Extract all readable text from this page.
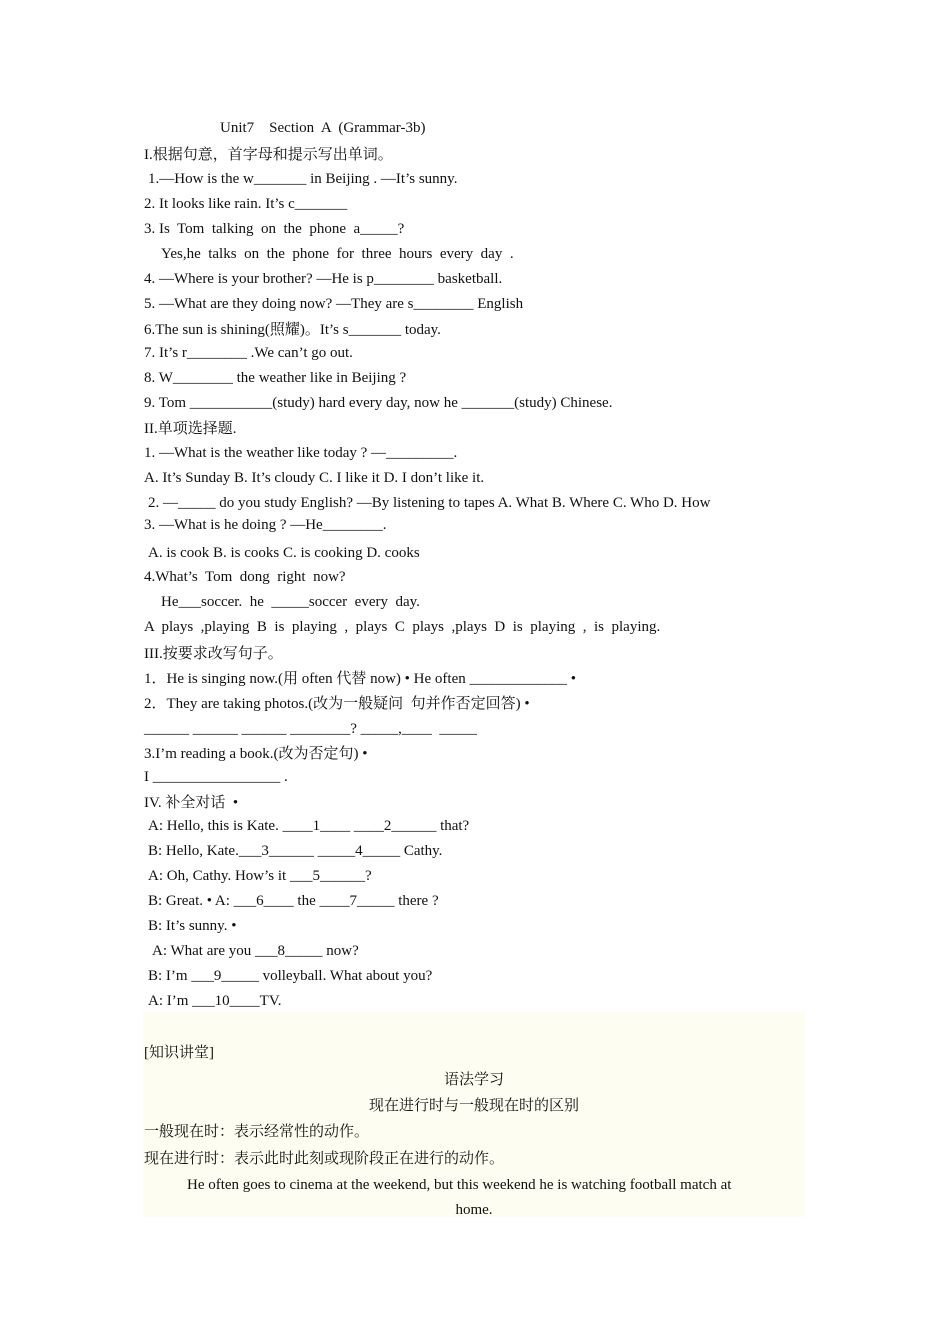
Unit7    Section  A  (Grammar-3b)
I.根据句意，首字母和提示写出单词。
1.—How is the w_______ in Beijing . —It’s sunny.
2. It looks like rain. It’s c_______
3. Is  Tom  talking  on  the  phone  a_____?
Yes,he  talks  on  the  phone  for  three  hours  every  day  .
4. —Where is your brother? —He is p________ basketball.
5. —What are they doing now? —They are s________ English
6.The sun is shining(照耀)。It’s s_______ today.
7. It’s r________ .We can’t go out.
8. W________ the weather like in Beijing ?
9. Tom ___________(study) hard every day, now he _______(study) Chinese.
II.单项选择题.
1. —What is the weather like today ? —_________.
A. It’s Sunday B. It’s cloudy C. I like it D. I don’t like it.
2. —_____ do you study English? —By listening to tapes A. What B. Where C. Who D. How
3. —What is he doing ? —He________.
A. is cook B. is cooks C. is cooking D. cooks
4.What’s  Tom  dong  right  now?
He___soccer.  he  _____soccer  every  day.
A  plays  ,playing  B  is  playing  ,  plays  C  plays  ,plays  D  is  playing  ,  is  playing.
III.按要求改写句子。
1．He is singing now.(用 often 代替 now) • He often _____________ •
2．They are taking photos.(改为一般疑问  句并作否定回答) •
______ ______ ______ ________? _____,____  _____
3.I’m reading a book.(改为否定句) •
I _________________ .
IV. 补全对话  •
A: Hello, this is Kate. ____1____ ____2______ that?
B: Hello, Kate.___3______ _____4_____ Cathy.
A: Oh, Cathy. How’s it ___5______?
B: Great. • A: ___6____ the ____7_____ there ?
B: It’s sunny. •
A: What are you ___8_____ now?
B: I’m ___9_____ volleyball. What about you?
A: I’m ___10____TV.
[知识讲堂]
语法学习
现在进行时与一般现在时的区别
一般现在时：表示经常性的动作。
现在进行时：表示此时此刻或现阶段正在进行的动作。
He often goes to cinema at the weekend, but this weekend he is watching football match at
home.
